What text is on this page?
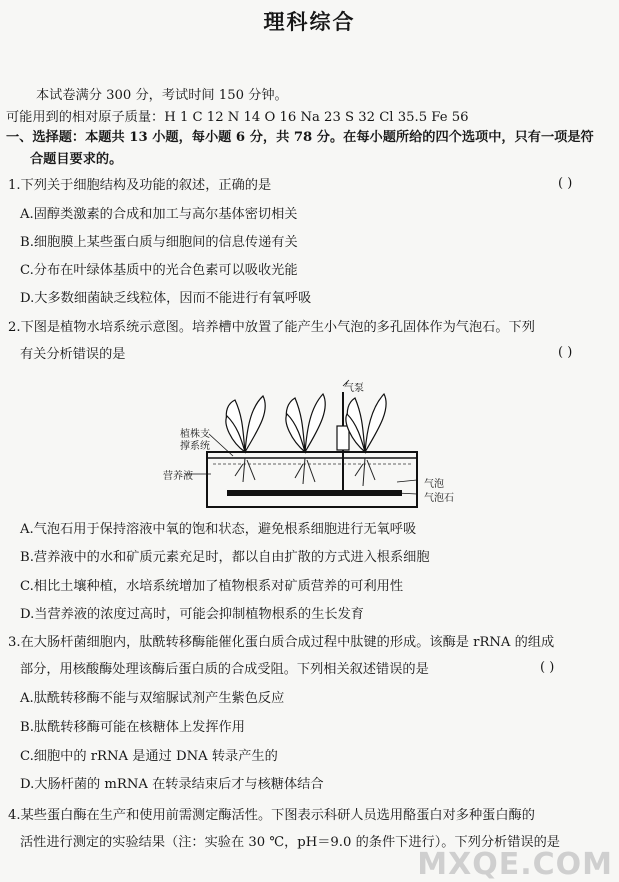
理科综合
本试卷满分 300 分，考试时间 150 分钟。
可能用到的相对原子质量：H 1 C 12 N 14 O 16 Na 23 S 32 Cl 35.5 Fe 56
一、选择题：本题共 13 小题，每小题 6 分，共 78 分。在每小题所给的四个选项中，只有一项是符
合题目要求的。
1.下列关于细胞结构及功能的叙述，正确的是	( )
A.固醇类激素的合成和加工与高尔基体密切相关
B.细胞膜上某些蛋白质与细胞间的信息传递有关
C.分布在叶绿体基质中的光合色素可以吸收光能
D.大多数细菌缺乏线粒体，因而不能进行有氧呼吸
2.下图是植物水培系统示意图。培养槽中放置了能产生小气泡的多孔固体作为气泡石。下列
有关分析错误的是	( )
植株支
撑系统
气泵
营养液
气泡
气泡石
A.气泡石用于保持溶液中氧的饱和状态，避免根系细胞进行无氧呼吸
B.营养液中的水和矿质元素充足时，都以自由扩散的方式进入根系细胞
C.相比土壤种植，水培系统增加了植物根系对矿质营养的可利用性
D.当营养液的浓度过高时，可能会抑制植物根系的生长发育
3.在大肠杆菌细胞内，肽酰转移酶能催化蛋白质合成过程中肽键的形成。该酶是 rRNA 的组成
部分，用核酸酶处理该酶后蛋白质的合成受阻。下列相关叙述错误的是	( )
A.肽酰转移酶不能与双缩脲试剂产生紫色反应
B.肽酰转移酶可能在核糖体上发挥作用
C.细胞中的 rRNA 是通过 DNA 转录产生的
D.大肠杆菌的 mRNA 在转录结束后才与核糖体结合
4.某些蛋白酶在生产和使用前需测定酶活性。下图表示科研人员选用酪蛋白对多种蛋白酶的
活性进行测定的实验结果（注：实验在 30 ℃，pH＝9.0 的条件下进行）。下列分析错误的是
MXQE.COM
